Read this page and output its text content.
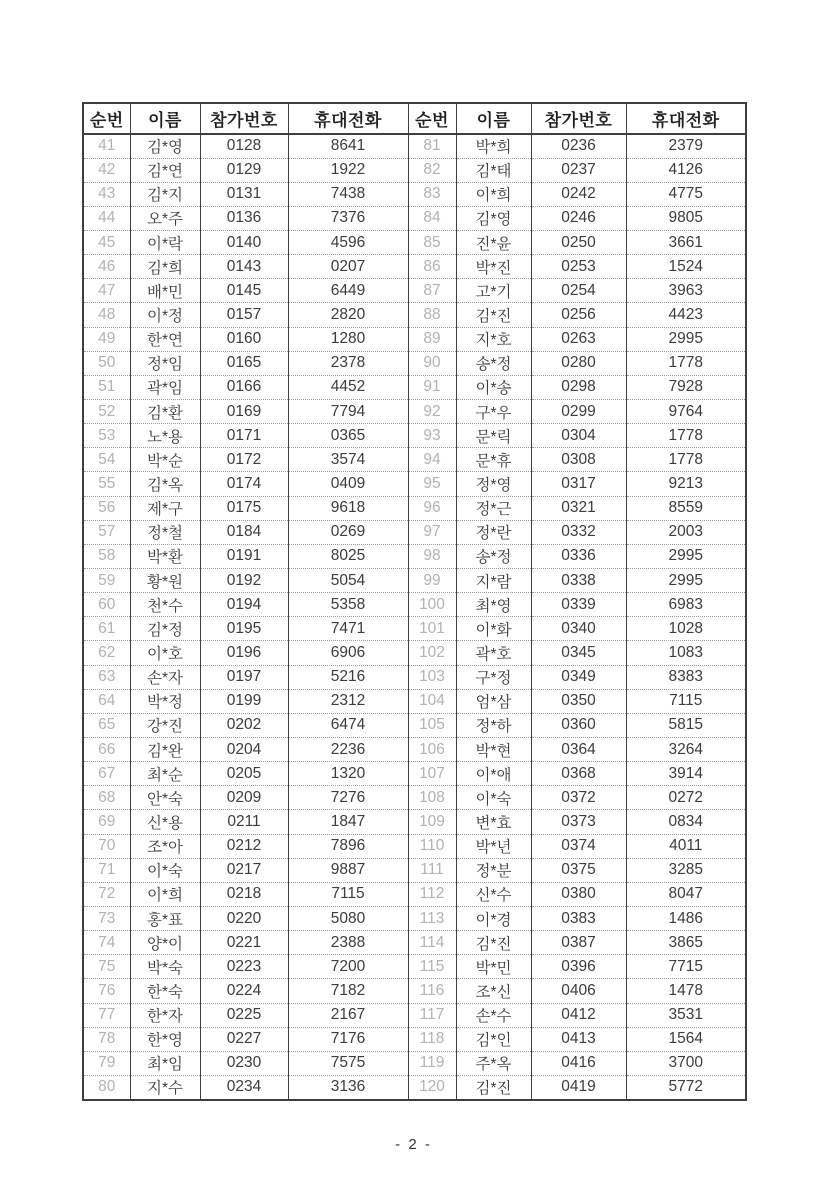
순번	이름	참가번호	휴대전화	순번	이름	참가번호	휴대전화
41	김*영	0128	8641	81	박*희	0236	2379
42	김*연	0129	1922	82	김*태	0237	4126
43	김*지	0131	7438	83	이*희	0242	4775
44	오*주	0136	7376	84	김*영	0246	9805
45	이*락	0140	4596	85	진*윤	0250	3661
46	김*희	0143	0207	86	박*진	0253	1524
47	배*민	0145	6449	87	고*기	0254	3963
48	이*정	0157	2820	88	김*진	0256	4423
49	한*연	0160	1280	89	지*호	0263	2995
50	정*임	0165	2378	90	송*정	0280	1778
51	곽*임	0166	4452	91	이*송	0298	7928
52	김*환	0169	7794	92	구*우	0299	9764
53	노*용	0171	0365	93	문*릭	0304	1778
54	박*순	0172	3574	94	문*휴	0308	1778
55	김*옥	0174	0409	95	정*영	0317	9213
56	제*구	0175	9618	96	정*근	0321	8559
57	정*철	0184	0269	97	정*란	0332	2003
58	박*환	0191	8025	98	송*정	0336	2995
59	황*원	0192	5054	99	지*람	0338	2995
60	천*수	0194	5358	100	최*영	0339	6983
61	김*정	0195	7471	101	이*화	0340	1028
62	이*호	0196	6906	102	곽*호	0345	1083
63	손*자	0197	5216	103	구*정	0349	8383
64	박*정	0199	2312	104	엄*삼	0350	7115
65	강*진	0202	6474	105	정*하	0360	5815
66	김*완	0204	2236	106	박*현	0364	3264
67	최*순	0205	1320	107	이*애	0368	3914
68	안*숙	0209	7276	108	이*숙	0372	0272
69	신*용	0211	1847	109	변*효	0373	0834
70	조*아	0212	7896	110	박*년	0374	4011
71	이*숙	0217	9887	111	정*분	0375	3285
72	이*희	0218	7115	112	신*수	0380	8047
73	홍*표	0220	5080	113	이*경	0383	1486
74	양*이	0221	2388	114	김*진	0387	3865
75	박*숙	0223	7200	115	박*민	0396	7715
76	한*숙	0224	7182	116	조*신	0406	1478
77	한*자	0225	2167	117	손*수	0412	3531
78	한*영	0227	7176	118	김*인	0413	1564
79	최*임	0230	7575	119	주*옥	0416	3700
80	지*수	0234	3136	120	김*진	0419	5772
- 2 -
